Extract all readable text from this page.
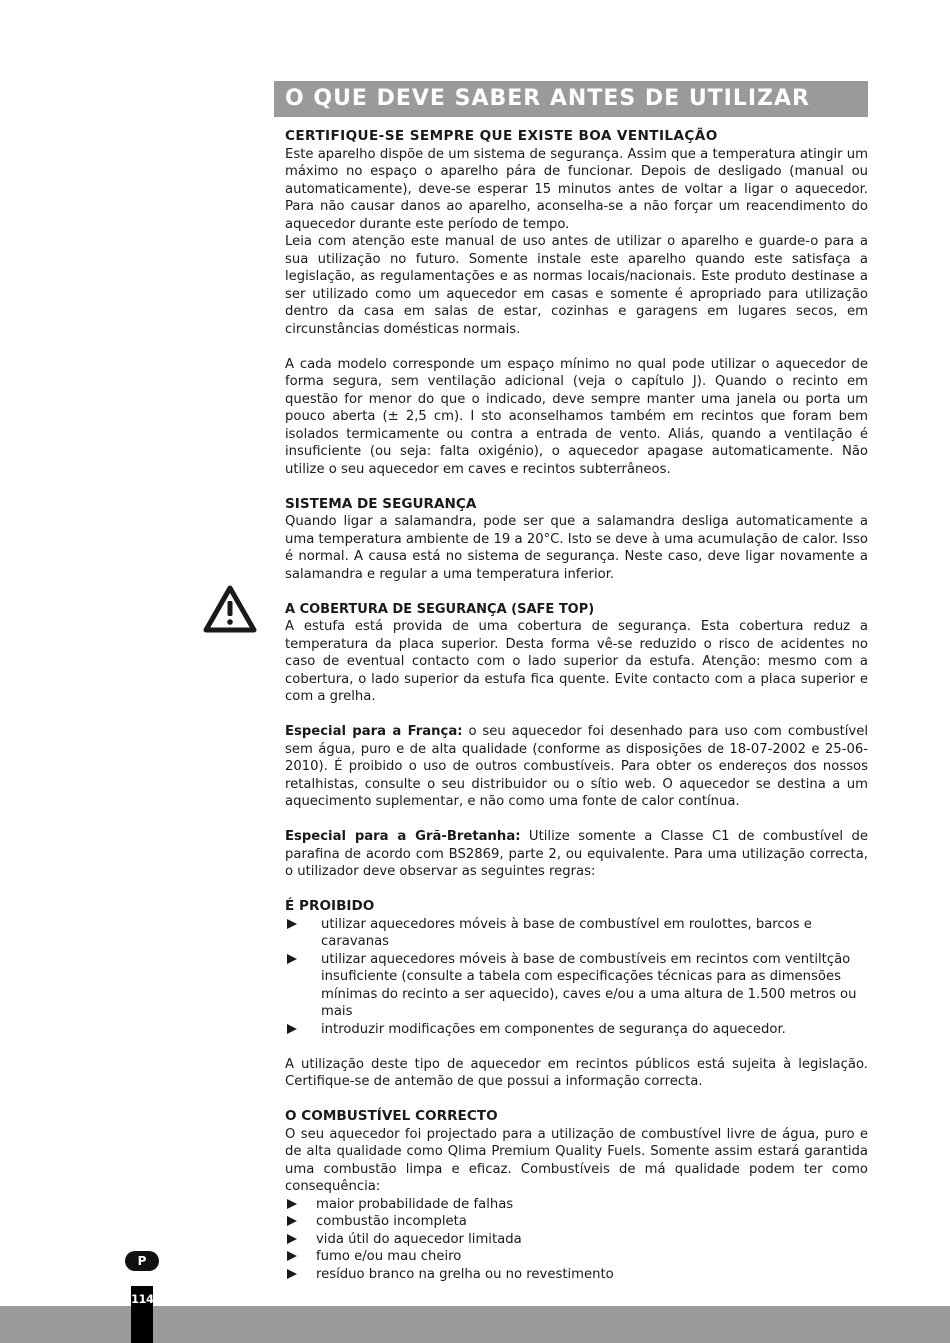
O QUE DEVE SABER ANTES DE UTILIZAR

CERTIFIQUE-SE SEMPRE QUE EXISTE BOA VENTILAÇÃO

Este aparelho dispõe de um sistema de segurança. Assim que a temperatura atingir um máximo no espaço o aparelho pára de funcionar. Depois de desligado (manual ou automaticamente), deve-se esperar 15 minutos antes de voltar a ligar o aquecedor. Para não causar danos ao aparelho, aconselha-se a não forçar um reacendimento do aquecedor durante este período de tempo.

Leia com atenção este manual de uso antes de utilizar o aparelho e guarde-o para a sua utilização no futuro. Somente instale este aparelho quando este satisfaça a legislação, as regulamentações e as normas locais/nacionais. Este produto destinase a ser utilizado como um aquecedor em casas e somente é apropriado para utilização dentro da casa em salas de estar, cozinhas e garagens em lugares secos, em circunstâncias domésticas normais.

A cada modelo corresponde um espaço mínimo no qual pode utilizar o aquecedor de forma segura, sem ventilação adicional (veja o capítulo J). Quando o recinto em questão for menor do que o indicado, deve sempre manter uma janela ou porta um pouco aberta (± 2,5 cm). I sto aconselhamos também em recintos que foram bem isolados termicamente ou contra a entrada de vento. Aliás, quando a ventilação é insuficiente (ou seja: falta oxigénio), o aquecedor apagase automaticamente. Não utilize o seu aquecedor em caves e recintos subterrâneos.

SISTEMA DE SEGURANÇA

Quando ligar a salamandra, pode ser que a salamandra desliga automaticamente a uma temperatura ambiente de 19 a 20°C. Isto se deve à uma acumulação de calor. Isso é normal. A causa está no sistema de segurança. Neste caso, deve ligar novamente a salamandra e regular a uma temperatura inferior.

A COBERTURA DE SEGURANÇA (SAFE TOP)

A estufa está provida de uma cobertura de segurança. Esta cobertura reduz a temperatura da placa superior. Desta forma vê-se reduzido o risco de acidentes no caso de eventual contacto com o lado superior da estufa. Atenção: mesmo com a cobertura, o lado superior da estufa fica quente. Evite contacto com a placa superior e com a grelha.

Especial para a França: o seu aquecedor foi desenhado para uso com combustível sem água, puro e de alta qualidade (conforme as disposições de 18-07-2002 e 25-06-2010). É proibido o uso de outros combustíveis. Para obter os endereços dos nossos retalhistas, consulte o seu distribuidor ou o sítio web. O aquecedor se destina a um aquecimento suplementar, e não como uma fonte de calor contínua.

Especial para a Grã-Bretanha: Utilize somente a Classe C1 de combustível de parafina de acordo com BS2869, parte 2, ou equivalente. Para uma utilização correcta, o utilizador deve observar as seguintes regras:

É PROIBIDO

utilizar aquecedores móveis à base de combustível em roulottes, barcos e caravanas
utilizar aquecedores móveis à base de combustíveis em recintos com ventiltção insuficiente (consulte a tabela com especificações técnicas para as dimensões mínimas do recinto a ser aquecido), caves e/ou a uma altura de 1.500 metros ou mais
introduzir modificações em componentes de segurança do aquecedor.

A utilização deste tipo de aquecedor em recintos públicos está sujeita à legislação. Certifique-se de antemão de que possui a informação correcta.

O COMBUSTÍVEL CORRECTO

O seu aquecedor foi projectado para a utilização de combustível livre de água, puro e de alta qualidade como Qlima Premium Quality Fuels. Somente assim estará garantida uma combustão limpa e eficaz. Combustíveis de má qualidade podem ter como consequência:

maior probabilidade de falhas
combustão incompleta
vida útil do aquecedor limitada
fumo e/ou mau cheiro
resíduo branco na grelha ou no revestimento
P
114
